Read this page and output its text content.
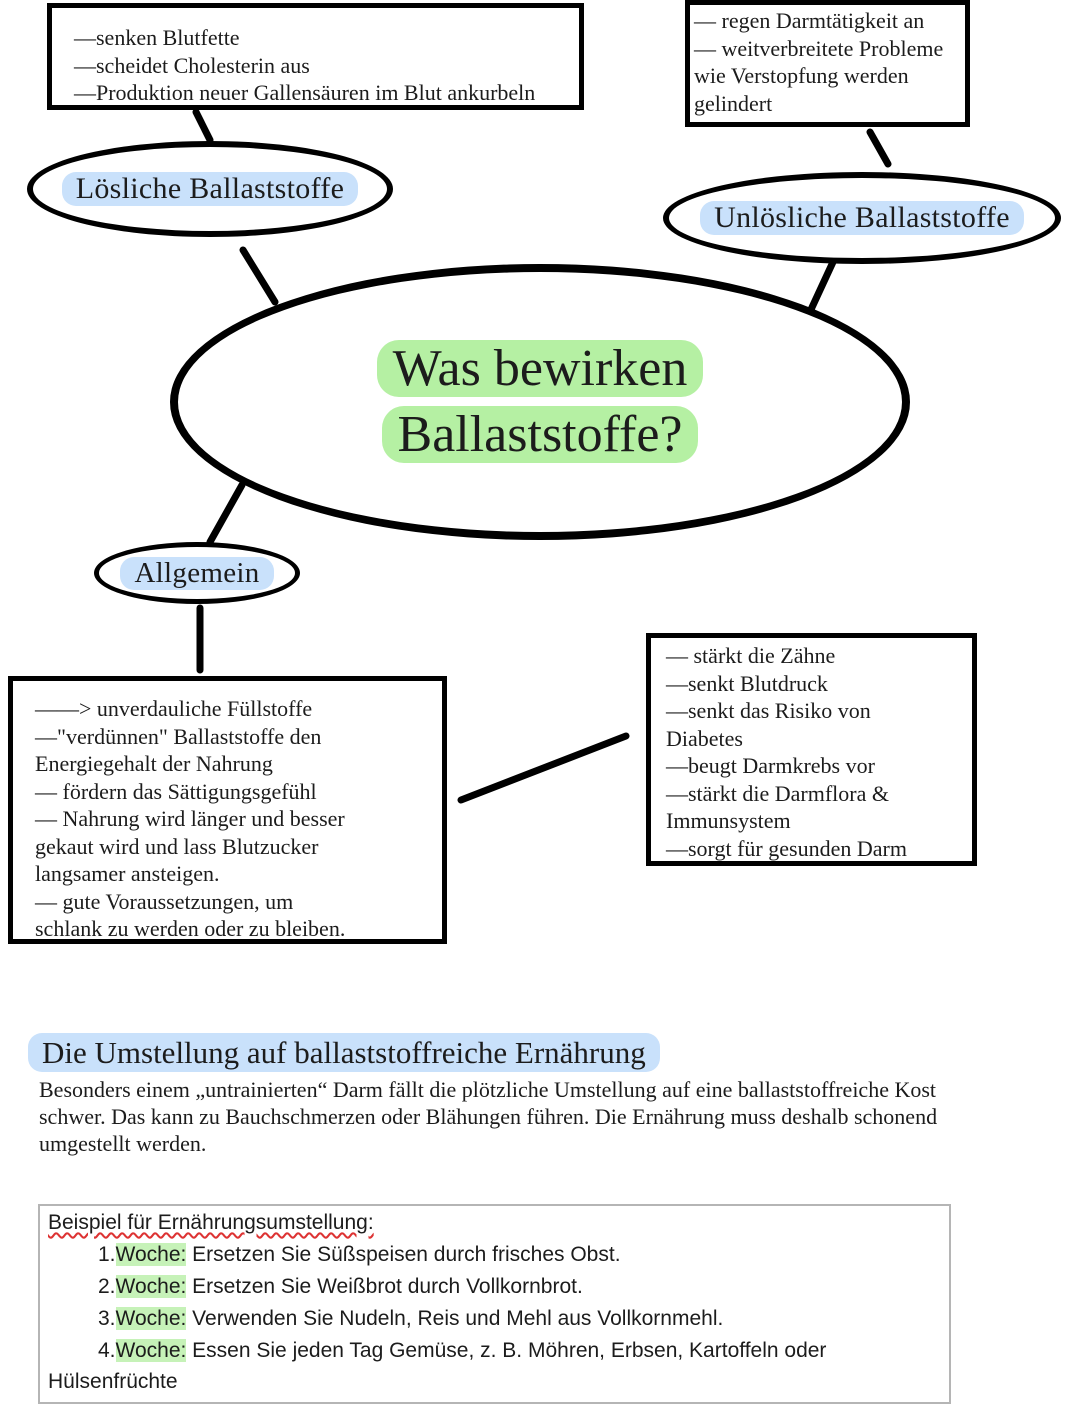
—senken Blutfette
—scheidet Cholesterin aus
—Produktion neuer Gallensäuren im Blut ankurbeln
— regen Darmtätigkeit an
— weitverbreitete Probleme
wie Verstopfung werden
gelindert
Lösliche Ballaststoffe
Unlösliche Ballaststoffe
Was bewirken
Ballaststoffe?
Allgemein
——> unverdauliche Füllstoffe
—"verdünnen" Ballaststoffe den
Energiegehalt der Nahrung
— fördern das Sättigungsgefühl
— Nahrung wird länger und besser
gekaut wird und lass Blutzucker
langsamer ansteigen.
— gute Voraussetzungen, um
schlank zu werden oder zu bleiben.
— stärkt die Zähne
—senkt Blutdruck
—senkt das Risiko von
Diabetes
—beugt Darmkrebs vor
—stärkt die Darmflora &
Immunsystem
—sorgt für gesunden Darm
Die Umstellung auf ballaststoffreiche Ernährung
Besonders einem „untrainierten“ Darm fällt die plötzliche Umstellung auf eine ballaststoffreiche Kost schwer. Das kann zu Bauchschmerzen oder Blähungen führen. Die Ernährung muss deshalb schonend umgestellt werden.
Beispiel für Ernährungsumstellung:
1.Woche: Ersetzen Sie Süßspeisen durch frisches Obst.
2.Woche: Ersetzen Sie Weißbrot durch Vollkornbrot.
3.Woche: Verwenden Sie Nudeln, Reis und Mehl aus Vollkornmehl.
4.Woche: Essen Sie jeden Tag Gemüse, z. B. Möhren, Erbsen, Kartoffeln oder
Hülsenfrüchte
